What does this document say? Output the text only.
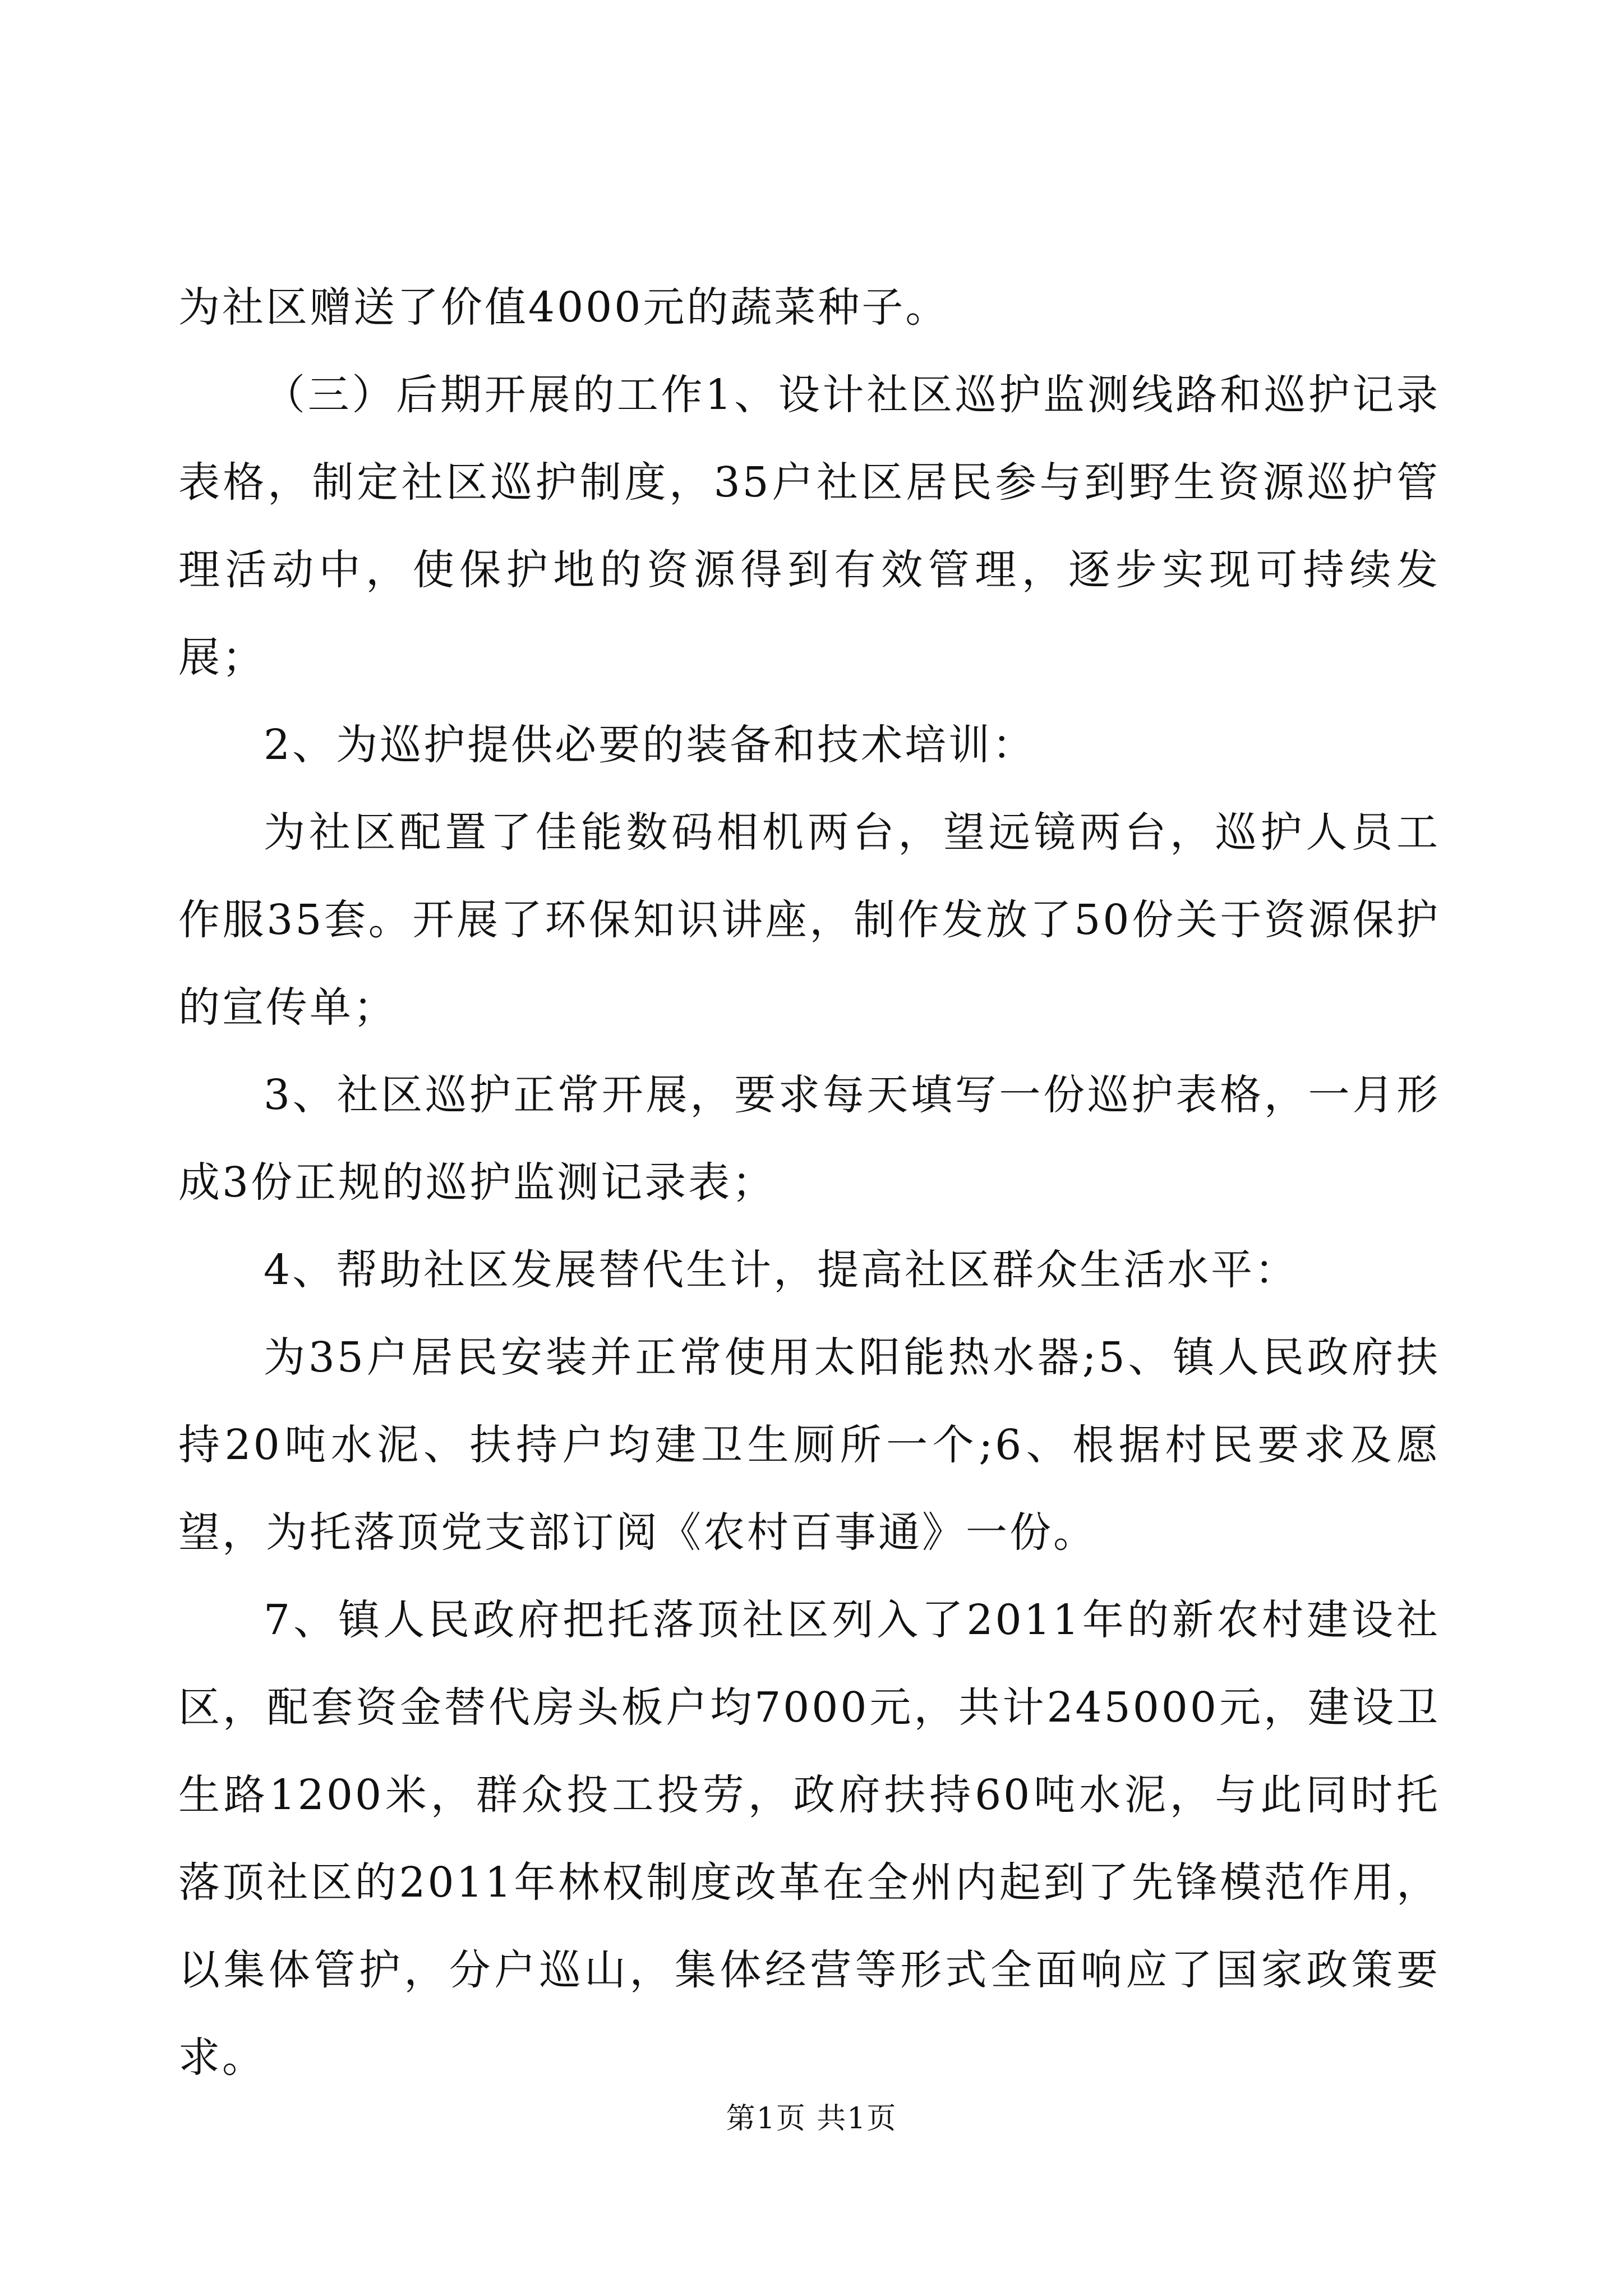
为社区赠送了价值4000元的蔬菜种子。

（三）后期开展的工作1、设计社区巡护监测线路和巡护记录表格，制定社区巡护制度，35户社区居民参与到野生资源巡护管理活动中，使保护地的资源得到有效管理，逐步实现可持续发展；

2、为巡护提供必要的装备和技术培训：

为社区配置了佳能数码相机两台，望远镜两台，巡护人员工作服35套。开展了环保知识讲座，制作发放了50份关于资源保护的宣传单；

3、社区巡护正常开展，要求每天填写一份巡护表格，一月形成3份正规的巡护监测记录表；

4、帮助社区发展替代生计，提高社区群众生活水平：

为35户居民安装并正常使用太阳能热水器;5、镇人民政府扶持20吨水泥、扶持户均建卫生厕所一个;6、根据村民要求及愿望，为托落顶党支部订阅《农村百事通》一份。

7、镇人民政府把托落顶社区列入了2011年的新农村建设社区，配套资金替代房头板户均7000元，共计245000元，建设卫生路1200米，群众投工投劳，政府扶持60吨水泥，与此同时托落顶社区的2011年林权制度改革在全州内起到了先锋模范作用，以集体管护，分户巡山，集体经营等形式全面响应了国家政策要求。

第1页 共1页
